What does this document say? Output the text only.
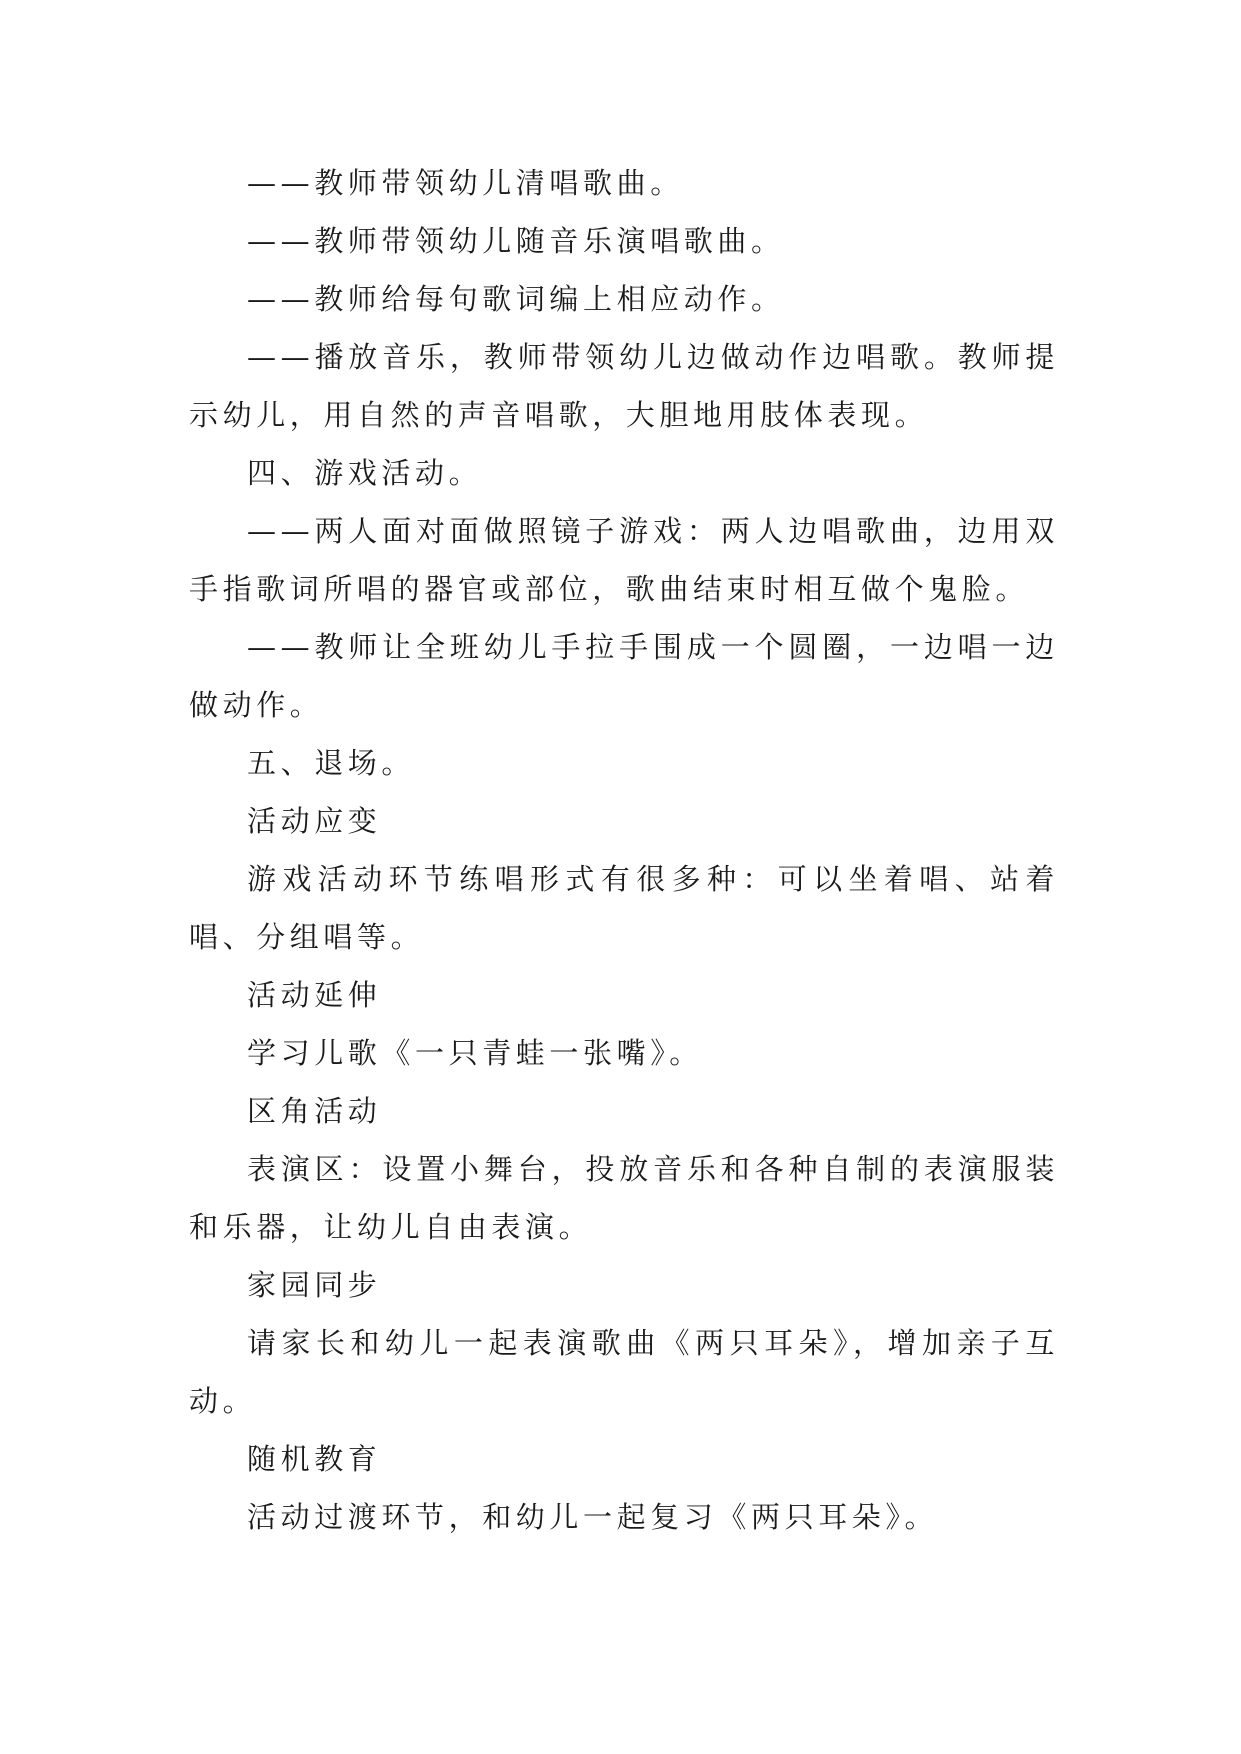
——教师带领幼儿清唱歌曲。

——教师带领幼儿随音乐演唱歌曲。

——教师给每句歌词编上相应动作。

——播放音乐，教师带领幼儿边做动作边唱歌。教师提示幼儿，用自然的声音唱歌，大胆地用肢体表现。

四、游戏活动。

——两人面对面做照镜子游戏：两人边唱歌曲，边用双手指歌词所唱的器官或部位，歌曲结束时相互做个鬼脸。

——教师让全班幼儿手拉手围成一个圆圈，一边唱一边做动作。

五、退场。

活动应变

游戏活动环节练唱形式有很多种：可以坐着唱、站着唱、分组唱等。

活动延伸

学习儿歌《一只青蛙一张嘴》。

区角活动

表演区：设置小舞台，投放音乐和各种自制的表演服装和乐器，让幼儿自由表演。

家园同步

请家长和幼儿一起表演歌曲《两只耳朵》，增加亲子互动。

随机教育

活动过渡环节，和幼儿一起复习《两只耳朵》。
